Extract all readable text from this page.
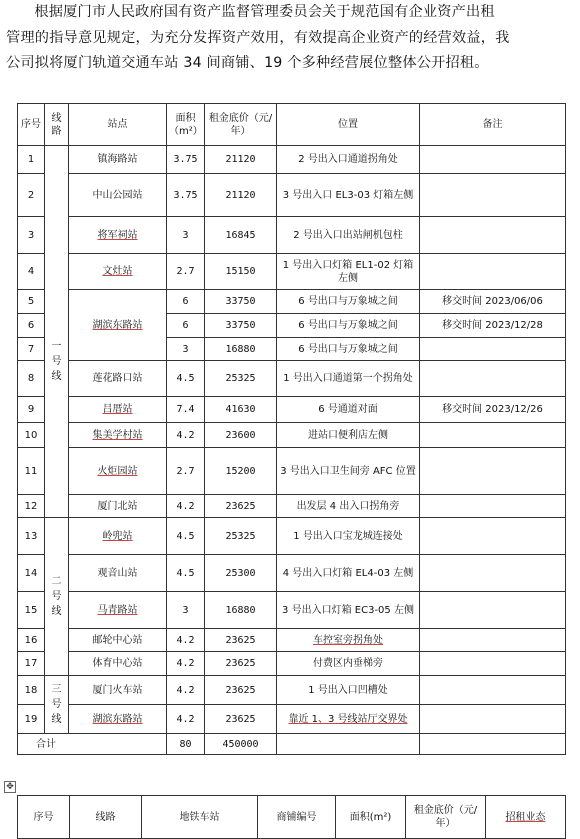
根据厦门市人民政府国有资产监督管理委员会关于规范国有企业资产出租

管理的指导意见规定，为充分发挥资产效用，有效提高企业资产的经营效益，我

公司拟将厦门轨道交通车站 34 间商铺、19 个多种经营展位整体公开招租。

序号	线路	站点	面积（m²）	租金底价（元/年）	位置	备注
1	一号线	镇海路站	3.75	21120	2 号出入口通道拐角处	
2		中山公园站	3.75	21120	3 号出入口 EL3-03 灯箱左侧	
3		将军祠站	3	16845	2 号出入口出站闸机包柱	
4		文灶站	2.7	15150	1 号出入口灯箱 EL1-02 灯箱左侧	
5		湖滨东路站	6	33750	6 号出口与万象城之间	移交时间 2023/06/06
6			6	33750	6 号出口与万象城之间	移交时间 2023/12/28
7			3	16880	6 号出口与万象城之间	
8		莲花路口站	4.5	25325	1 号出入口通道第一个拐角处	
9		吕厝站	7.4	41630	6 号通道对面	移交时间 2023/12/26
10		集美学村站	4.2	23600	进站口便利店左侧	
11		火炬园站	2.7	15200	3 号出入口卫生间旁 AFC 位置	
12		厦门北站	4.2	23625	出发层 4 出入口拐角旁	
13	二号线	岭兜站	4.5	25325	1 号出入口宝龙城连接处	
14		观音山站	4.5	25300	4 号出入口灯箱 EL4-03 左侧	
15		马青路站	3	16880	3 号出入口灯箱 EC3-05 左侧	
16		邮轮中心站	4.2	23625	车控室旁拐角处	
17		体育中心站	4.2	23625	付费区内垂梯旁	
18	三号线	厦门火车站	4.2	23625	1 号出入口凹槽处	
19		湖滨东路站	4.2	23625	靠近 1、3 号线站厅交界处	
合计			80	450000		
✥
序号	线路	地铁车站	商铺编号	面积(m²)	租金底价（元/年）	招租业态
